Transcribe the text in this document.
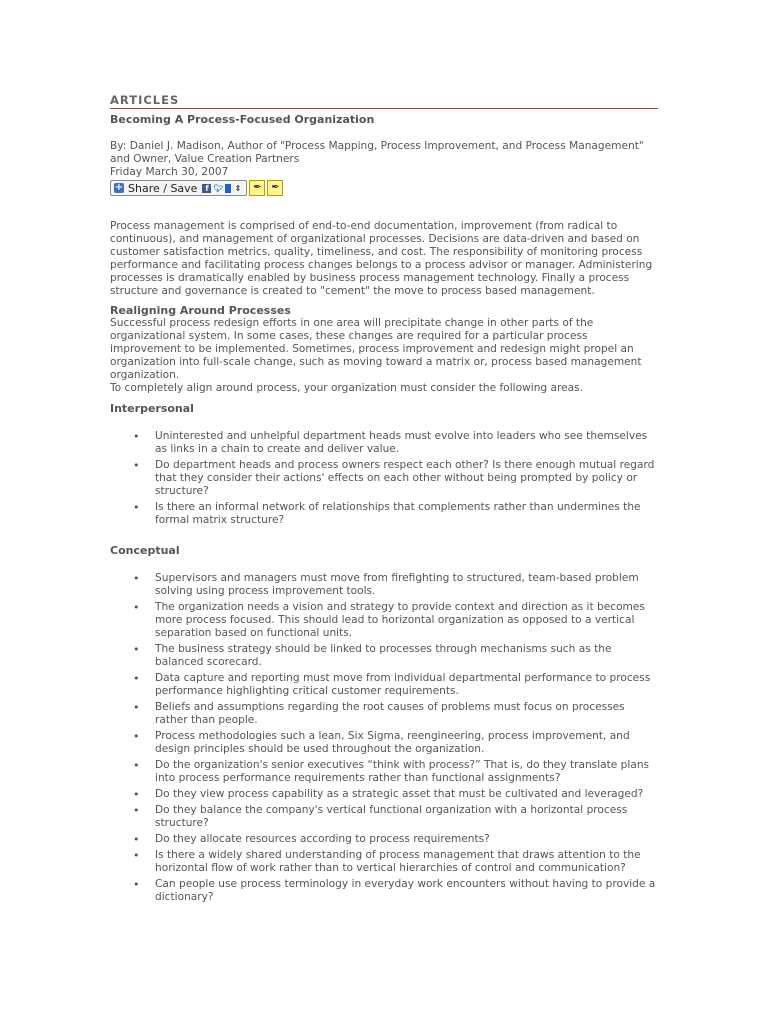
ARTICLES
Becoming A Process-Focused Organization

By: Daniel J. Madison, Author of "Process Mapping, Process Improvement, and Process Management" and Owner, Value Creation Partners
Friday March 30, 2007

+ Share / Save f 🐦︎ ⇕	✒ ✒

Process management is comprised of end-to-end documentation, improvement (from radical to continuous), and management of organizational processes. Decisions are data-driven and based on customer satisfaction metrics, quality, timeliness, and cost. The responsibility of monitoring process performance and facilitating process changes belongs to a process advisor or manager. Administering processes is dramatically enabled by business process management technology. Finally a process structure and governance is created to "cement" the move to process based management.

Realigning Around Processes

Successful process redesign efforts in one area will precipitate change in other parts of the organizational system. In some cases, these changes are required for a particular process improvement to be implemented. Sometimes, process improvement and redesign might propel an organization into full-scale change, such as moving toward a matrix or, process based management organization.

To completely align around process, your organization must consider the following areas.

Interpersonal
• Uninterested and unhelpful department heads must evolve into leaders who see themselves as links in a chain to create and deliver value.
• Do department heads and process owners respect each other? Is there enough mutual regard that they consider their actions' effects on each other without being prompted by policy or structure?
• Is there an informal network of relationships that complements rather than undermines the formal matrix structure?
Conceptual
• Supervisors and managers must move from firefighting to structured, team-based problem solving using process improvement tools.
• The organization needs a vision and strategy to provide context and direction as it becomes more process focused. This should lead to horizontal organization as opposed to a vertical separation based on functional units.
• The business strategy should be linked to processes through mechanisms such as the balanced scorecard.
• Data capture and reporting must move from individual departmental performance to process performance highlighting critical customer requirements.
• Beliefs and assumptions regarding the root causes of problems must focus on processes rather than people.
• Process methodologies such a lean, Six Sigma, reengineering, process improvement, and design principles should be used throughout the organization.
• Do the organization's senior executives “think with process?” That is, do they translate plans into process performance requirements rather than functional assignments?
• Do they view process capability as a strategic asset that must be cultivated and leveraged?
• Do they balance the company's vertical functional organization with a horizontal process structure?
• Do they allocate resources according to process requirements?
• Is there a widely shared understanding of process management that draws attention to the horizontal flow of work rather than to vertical hierarchies of control and communication?
• Can people use process terminology in everyday work encounters without having to provide a dictionary?
